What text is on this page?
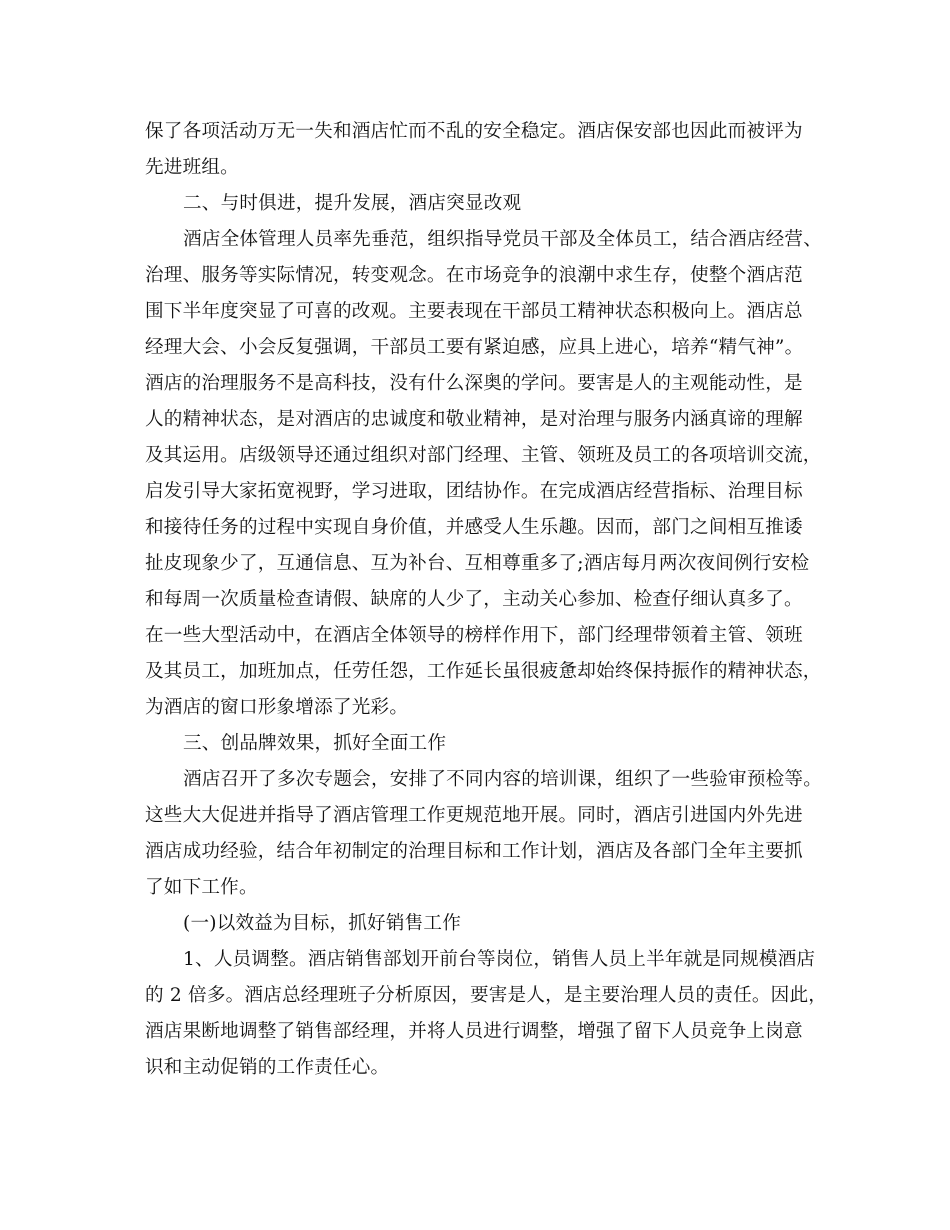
保了各项活动万无一失和酒店忙而不乱的安全稳定。酒店保安部也因此而被评为
先进班组。
二、与时俱进，提升发展，酒店突显改观
酒店全体管理人员率先垂范，组织指导党员干部及全体员工，结合酒店经营、
治理、服务等实际情况，转变观念。在市场竞争的浪潮中求生存，使整个酒店范
围下半年度突显了可喜的改观。主要表现在干部员工精神状态积极向上。酒店总
经理大会、小会反复强调，干部员工要有紧迫感，应具上进心，培养“精气神”。
酒店的治理服务不是高科技，没有什么深奥的学问。要害是人的主观能动性，是
人的精神状态，是对酒店的忠诚度和敬业精神，是对治理与服务内涵真谛的理解
及其运用。店级领导还通过组织对部门经理、主管、领班及员工的各项培训交流，
启发引导大家拓宽视野，学习进取，团结协作。在完成酒店经营指标、治理目标
和接待任务的过程中实现自身价值，并感受人生乐趣。因而，部门之间相互推诿
扯皮现象少了，互通信息、互为补台、互相尊重多了;酒店每月两次夜间例行安检
和每周一次质量检查请假、缺席的人少了，主动关心参加、检查仔细认真多了。
在一些大型活动中，在酒店全体领导的榜样作用下，部门经理带领着主管、领班
及其员工，加班加点，任劳任怨，工作延长虽很疲惫却始终保持振作的精神状态，
为酒店的窗口形象增添了光彩。
三、创品牌效果，抓好全面工作
酒店召开了多次专题会，安排了不同内容的培训课，组织了一些验审预检等。
这些大大促进并指导了酒店管理工作更规范地开展。同时，酒店引进国内外先进
酒店成功经验，结合年初制定的治理目标和工作计划，酒店及各部门全年主要抓
了如下工作。
(一)以效益为目标，抓好销售工作
1、人员调整。酒店销售部划开前台等岗位，销售人员上半年就是同规模酒店
的 2 倍多。酒店总经理班子分析原因，要害是人，是主要治理人员的责任。因此，
酒店果断地调整了销售部经理，并将人员进行调整，增强了留下人员竞争上岗意
识和主动促销的工作责任心。
